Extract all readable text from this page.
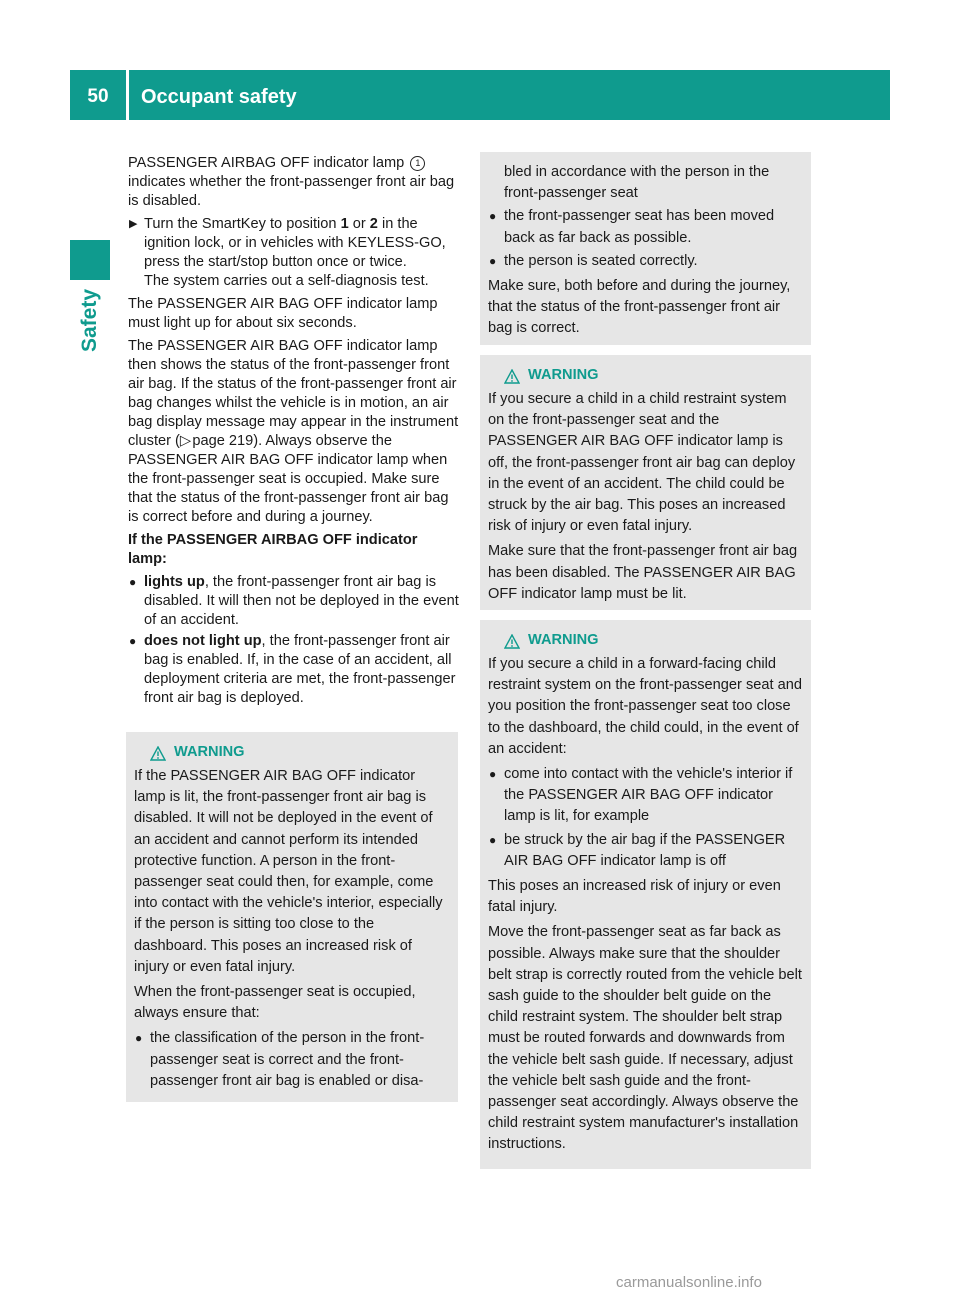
50	Occupant safety
Safety

PASSENGER AIRBAG OFF indicator lamp 1 indicates whether the front-passenger front air bag is disabled.

▶ Turn the SmartKey to position 1 or 2 in the ignition lock, or in vehicles with KEYLESS-GO, press the start/stop button once or twice.
The system carries out a self-diagnosis test.

The PASSENGER AIR BAG OFF indicator lamp must light up for about six seconds.

The PASSENGER AIR BAG OFF indicator lamp then shows the status of the front-passenger front air bag. If the status of the front-passenger front air bag changes whilst the vehicle is in motion, an air bag display message may appear in the instrument cluster (▷ page 219). Always observe the PASSENGER AIR BAG OFF indicator lamp when the front-passenger seat is occupied. Make sure that the status of the front-passenger front air bag is correct before and during a journey.

If the PASSENGER AIRBAG OFF indicator lamp:

● lights up, the front-passenger front air bag is disabled. It will then not be deployed in the event of an accident.
● does not light up, the front-passenger front air bag is enabled. If, in the case of an accident, all deployment criteria are met, the front-passenger front air bag is deployed.
WARNING

If the PASSENGER AIR BAG OFF indicator lamp is lit, the front-passenger front air bag is disabled. It will not be deployed in the event of an accident and cannot perform its intended protective function. A person in the front-passenger seat could then, for example, come into contact with the vehicle's interior, especially if the person is sitting too close to the dashboard. This poses an increased risk of injury or even fatal injury.

When the front-passenger seat is occupied, always ensure that:

● the classification of the person in the front-passenger seat is correct and the front-passenger front air bag is enabled or disa-
bled in accordance with the person in the front-passenger seat
● the front-passenger seat has been moved back as far back as possible.
● the person is seated correctly.

Make sure, both before and during the journey, that the status of the front-passenger front air bag is correct.

WARNING

If you secure a child in a child restraint system on the front-passenger seat and the PASSENGER AIR BAG OFF indicator lamp is off, the front-passenger front air bag can deploy in the event of an accident. The child could be struck by the air bag. This poses an increased risk of injury or even fatal injury.

Make sure that the front-passenger front air bag has been disabled. The PASSENGER AIR BAG OFF indicator lamp must be lit.

WARNING

If you secure a child in a forward-facing child restraint system on the front-passenger seat and you position the front-passenger seat too close to the dashboard, the child could, in the event of an accident:

● come into contact with the vehicle's interior if the PASSENGER AIR BAG OFF indicator lamp is lit, for example
● be struck by the air bag if the PASSENGER AIR BAG OFF indicator lamp is off

This poses an increased risk of injury or even fatal injury.

Move the front-passenger seat as far back as possible. Always make sure that the shoulder belt strap is correctly routed from the vehicle belt sash guide to the shoulder belt guide on the child restraint system. The shoulder belt strap must be routed forwards and downwards from the vehicle belt sash guide. If necessary, adjust the vehicle belt sash guide and the front-passenger seat accordingly. Always observe the child restraint system manufacturer's installation instructions.

carmanualsonline.info
